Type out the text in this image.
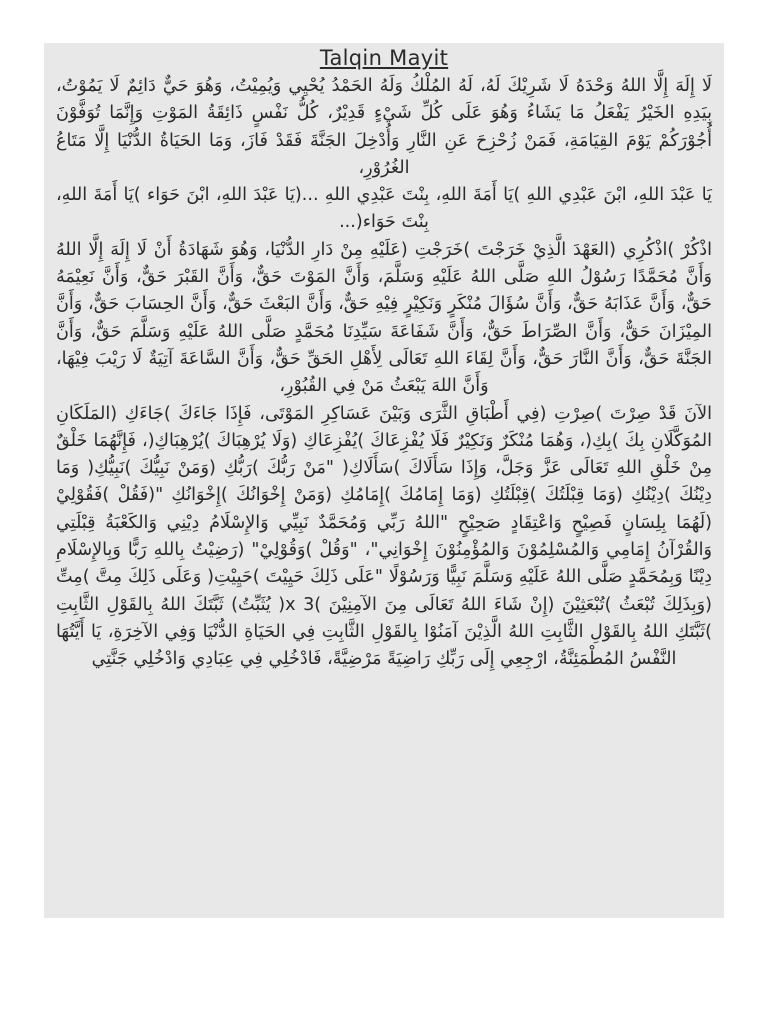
Talqin Mayit

لَا إِلَهَ إِلَّا اللهُ وَحْدَهُ لَا شَرِيْكَ لَهُ، لَهُ المُلْكُ وَلَهُ الحَمْدُ يُحْيِي وَيُمِيْتُ، وَهُوَ حَيٌّ دَائِمٌ لَا يَمُوْتُ، بِيَدِهِ الخَيْرُ يَفْعَلُ مَا يَشَاءُ وَهُوَ عَلَى كُلِّ شَيْءٍ قَدِيْرٌ، كُلُّ نَفْسٍ ذَائِقَةُ المَوْتِ وَإِنَّمَا تُوَفَّوْنَ أُجُوْرَكُمْ يَوْمَ القِيَامَةِ، فَمَنْ زُحْزِحَ عَنِ النَّارِ وَأُدْخِلَ الجَنَّةَ فَقَدْ فَازَ، وَمَا الحَيَاةُ الدُّنْيَا إِلَّا مَتَاعُ الغُرُوْرِ،

يَا عَبْدَ اللهِ، ابْنَ عَبْدِي اللهِ )يَا أَمَةَ اللهِ، بِنْتَ عَبْدِي اللهِ ...(يَا عَبْدَ اللهِ، ابْنَ حَوَاء )يَا أَمَةَ اللهِ، بِنْتَ حَوَاء(...

اذْكُرْ )اذْكُرِي (العَهْدَ الَّذِيْ خَرَجْتَ )خَرَجْتِ (عَلَيْهِ مِنْ دَارِ الدُّنْيَا، وَهُوَ شَهَادَةُ أَنْ لَا إِلَهَ إِلَّا اللهُ وَأَنَّ مُحَمَّدًا رَسُوْلُ اللهِ صَلَّى اللهُ عَلَيْهِ وَسَلَّمَ، وَأَنَّ المَوْتَ حَقٌّ، وَأَنَّ القَبْرَ حَقٌّ، وَأَنَّ نَعِيْمَهُ حَقٌّ، وَأَنَّ عَذَابَهُ حَقٌّ، وَأَنَّ سُؤَالَ مُنْكَرٍ وَنَكِيْرٍ فِيْهِ حَقٌّ، وَأَنَّ البَعْثَ حَقٌّ، وَأَنَّ الحِسَابَ حَقٌّ، وَأَنَّ المِيْزَانَ حَقٌّ، وَأَنَّ الصِّرَاطَ حَقٌّ، وَأَنَّ شَفَاعَةَ سَيِّدِنَا مُحَمَّدٍ صَلَّى اللهُ عَلَيْهِ وَسَلَّمَ حَقٌّ، وَأَنَّ الجَنَّةَ حَقٌّ، وَأَنَّ النَّارَ حَقٌّ، وَأَنَّ لِقَاءَ اللهِ تَعَالَى لِأَهْلِ الحَقِّ حَقٌّ، وَأَنَّ السَّاعَةَ آتِيَةٌ لَا رَيْبَ فِيْهَا، وَأَنَّ اللهَ يَبْعَثُ مَنْ فِي القُبُوْرِ،

الآنَ قَدْ صِرْتَ )صِرْتِ (فِي أَطْبَاقِ الثَّرَى وَبَيْنَ عَسَاكِرِ المَوْتَى، فَإِذَا جَاءَكَ )جَاءَكِ (المَلَكَانِ المُوَكَّلَانِ بِكَ )بِكِ(، وَهُمَا مُنْكَرٌ وَنَكِيْرٌ فَلَا يُفْزِعَاكَ )يُفْزِعَاكِ (وَلَا يُرْهِبَاكَ )يُرْهِبَاكِ(، فَإِنَّهُمَا خَلْقٌ مِنْ خَلْقِ اللهِ تَعَالَى عَزَّ وَجَلَّ، وَإِذَا سَأَلَاكَ )سَأَلَاكِ( "مَنْ رَبُّكَ )رَبُّكِ (وَمَنْ نَبِيُّكَ )نَبِيُّكِ( وَمَا دِيْنُكَ )دِيْنُكِ (وَمَا قِبْلَتُكَ )قِبْلَتُكِ (وَمَا إِمَامُكَ )إِمَامُكِ (وَمَنْ إِخْوَانُكَ )إِخْوَانُكِ "(فَقُلْ )فَقُوْلِيْ (لَهُمَا بِلِسَانٍ فَصِيْحٍ وَاعْتِقَادٍ صَحِيْحٍ "اللهُ رَبِّي وَمُحَمَّدٌ نَبِيِّي وَالإِسْلَامُ دِيْنِي وَالكَعْبَةُ قِبْلَتِي وَالقُرْآنُ إِمَامِي وَالمُسْلِمُوْنَ وَالمُؤْمِنُوْنَ إِخْوَانِي"، "وَقُلْ )وَقُوْلِيْ" (رَضِيْتُ بِاللهِ رَبًّا وَبِالإِسْلَامِ دِيْنًا وَبِمُحَمَّدٍ صَلَّى اللهُ عَلَيْهِ وَسَلَّمَ نَبِيًّا وَرَسُوْلًا "عَلَى ذَلِكَ حَيِيْتَ )حَيِيْتِ( وَعَلَى ذَلِكَ مِتَّ )مِتِّ (وَبِذَلِكَ تُبْعَثُ )تُبْعَثِيْنَ (إِنْ شَاءَ اللهُ تَعَالَى مِنَ الآمِنِيْنَ )3 x( يُثَبِّتُ) ثَبَّتَكَ اللهُ بِالقَوْلِ الثَّابِتِ )ثَبَّتَكِ اللهُ بِالقَوْلِ الثَّابِتِ اللهُ الَّذِيْنَ آمَنُوْا بِالقَوْلِ الثَّابِتِ فِي الحَيَاةِ الدُّنْيَا وَفِي الآخِرَةِ، يَا أَيَّتُهَا النَّفْسُ المُطْمَئِنَّةُ، ارْجِعِي إِلَى رَبِّكِ رَاضِيَةً مَرْضِيَّةً، فَادْخُلِي فِي عِبَادِي وَادْخُلِي جَنَّتِي
